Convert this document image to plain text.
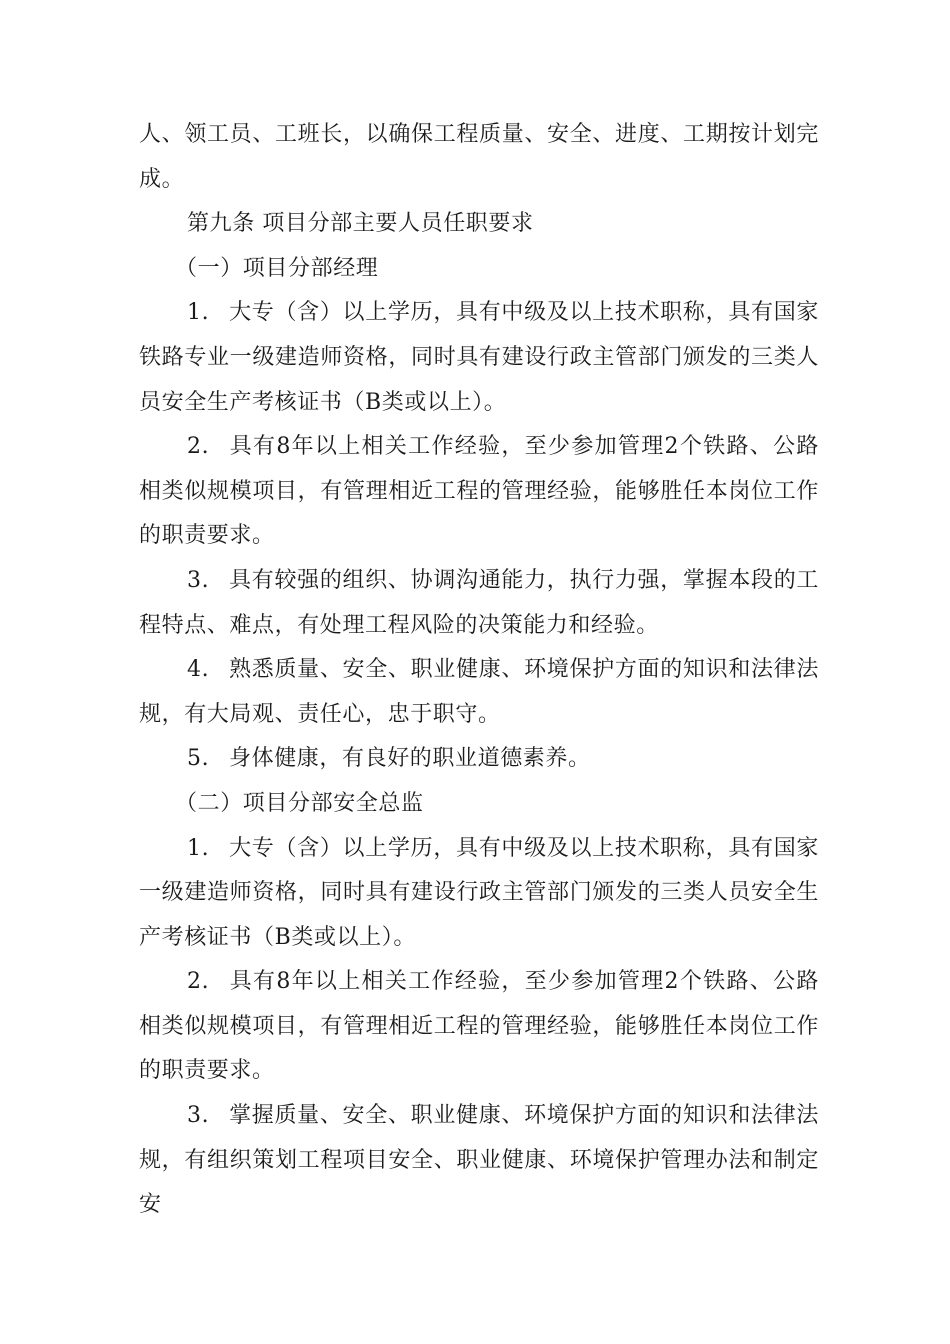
人、领工员、工班长，以确保工程质量、安全、进度、工期按计划完成。

第九条 项目分部主要人员任职要求

（一）项目分部经理

1. 大专（含）以上学历，具有中级及以上技术职称，具有国家铁路专业一级建造师资格，同时具有建设行政主管部门颁发的三类人员安全生产考核证书（B类或以上）。

2. 具有8年以上相关工作经验，至少参加管理2个铁路、公路相类似规模项目，有管理相近工程的管理经验，能够胜任本岗位工作的职责要求。

3. 具有较强的组织、协调沟通能力，执行力强，掌握本段的工程特点、难点，有处理工程风险的决策能力和经验。

4. 熟悉质量、安全、职业健康、环境保护方面的知识和法律法规，有大局观、责任心，忠于职守。

5. 身体健康，有良好的职业道德素养。

（二）项目分部安全总监

1. 大专（含）以上学历，具有中级及以上技术职称，具有国家一级建造师资格，同时具有建设行政主管部门颁发的三类人员安全生产考核证书（B类或以上）。

2. 具有8年以上相关工作经验，至少参加管理2个铁路、公路相类似规模项目，有管理相近工程的管理经验，能够胜任本岗位工作的职责要求。

3. 掌握质量、安全、职业健康、环境保护方面的知识和法律法规，有组织策划工程项目安全、职业健康、环境保护管理办法和制定安
